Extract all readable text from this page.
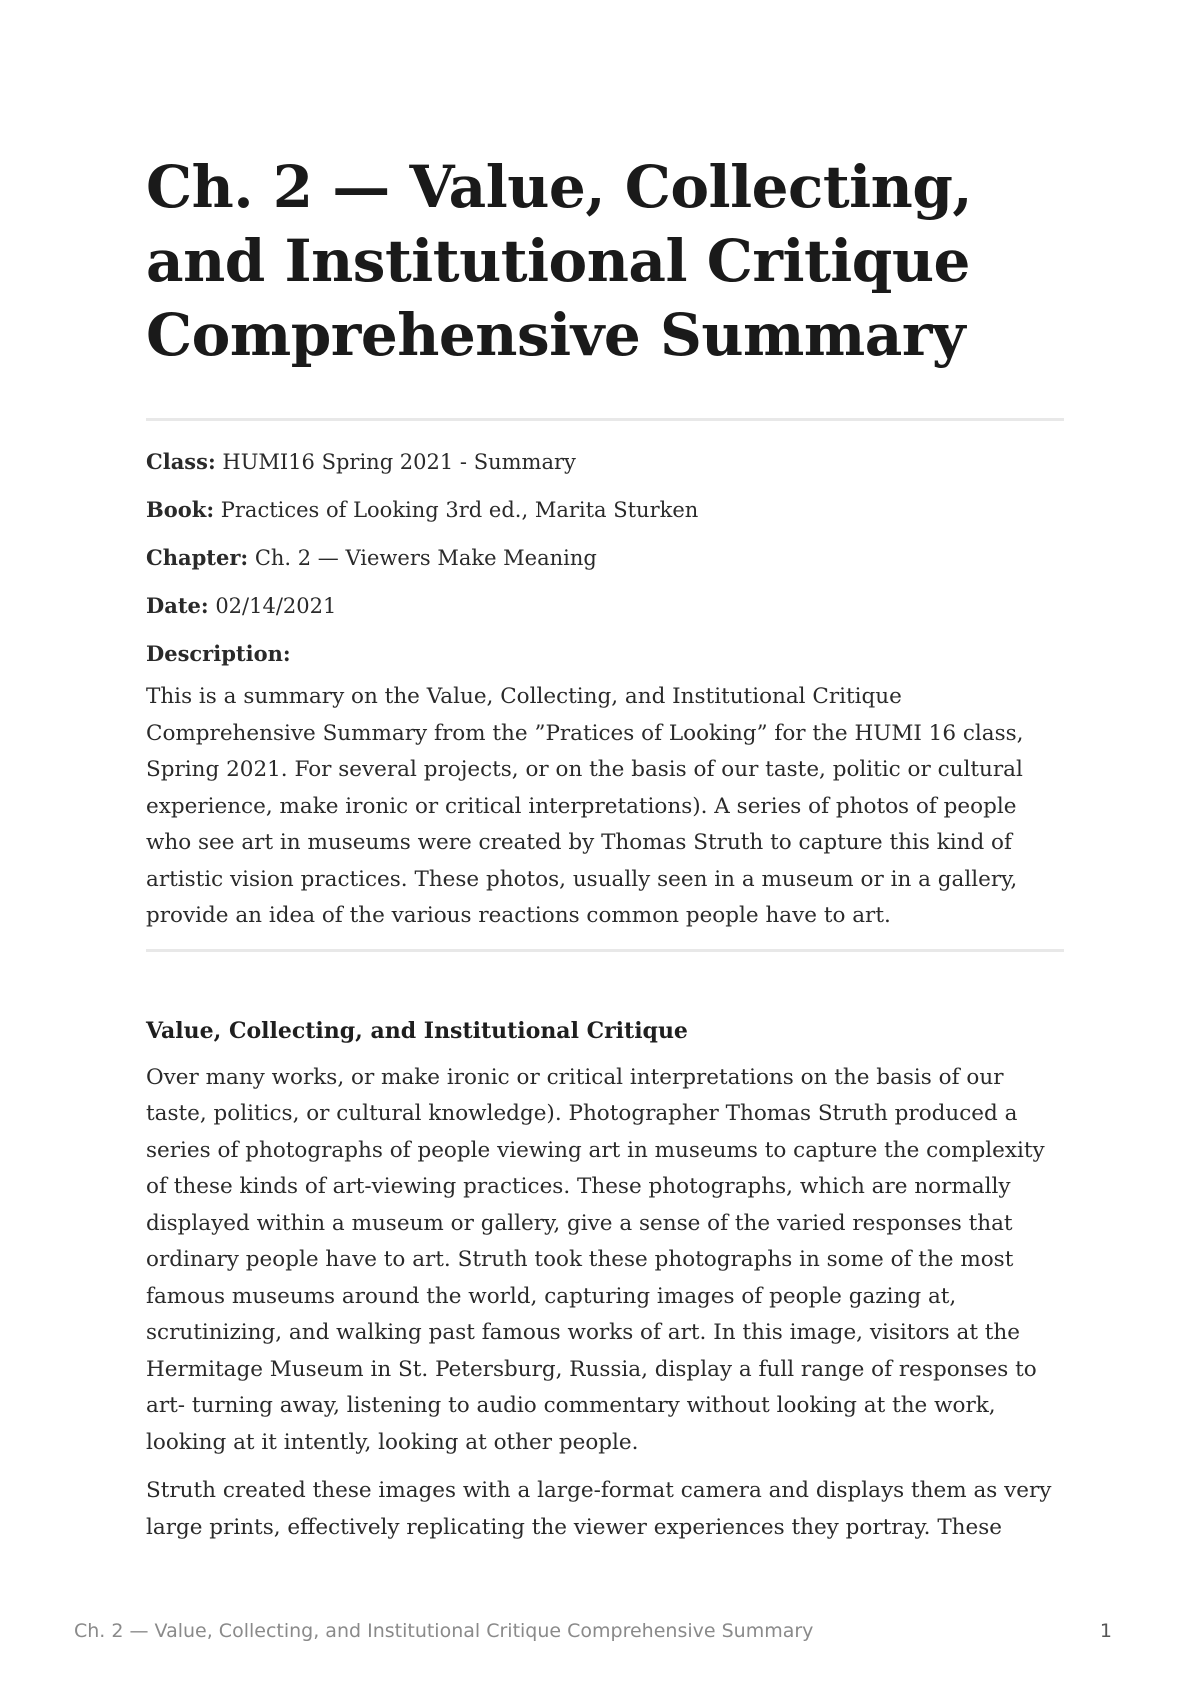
Ch. 2 — Value, Collecting, and Institutional Critique Comprehensive Summary
Class: HUMI16 Spring 2021 - Summary
Book: Practices of Looking 3rd ed., Marita Sturken
Chapter: Ch. 2 — Viewers Make Meaning
Date: 02/14/2021
Description:

This is a summary on the Value, Collecting, and Institutional Critique Comprehensive Summary from the ”Pratices of Looking” for the HUMI 16 class, Spring 2021. For several projects, or on the basis of our taste, politic or cultural experience, make ironic or critical interpretations). A series of photos of people who see art in museums were created by Thomas Struth to capture this kind of artistic vision practices. These photos, usually seen in a museum or in a gallery, provide an idea of the various reactions common people have to art.

Value, Collecting, and Institutional Critique

Over many works, or make ironic or critical interpretations on the basis of our taste, politics, or cultural knowledge). Photographer Thomas Struth produced a series of photographs of people viewing art in museums to capture the complexity of these kinds of art-viewing practices. These photographs, which are normally displayed within a museum or gallery, give a sense of the varied responses that ordinary people have to art. Struth took these photographs in some of the most famous museums around the world, capturing images of people gazing at, scrutinizing, and walking past famous works of art. In this image, visitors at the Hermitage Museum in St. Petersburg, Russia, display a full range of responses to art- turning away, listening to audio commentary without looking at the work, looking at it intently, looking at other people.

Struth created these images with a large-format camera and displays them as very large prints, effectively replicating the viewer experiences they portray. These

Ch. 2 — Value, Collecting, and Institutional Critique Comprehensive Summary	1
